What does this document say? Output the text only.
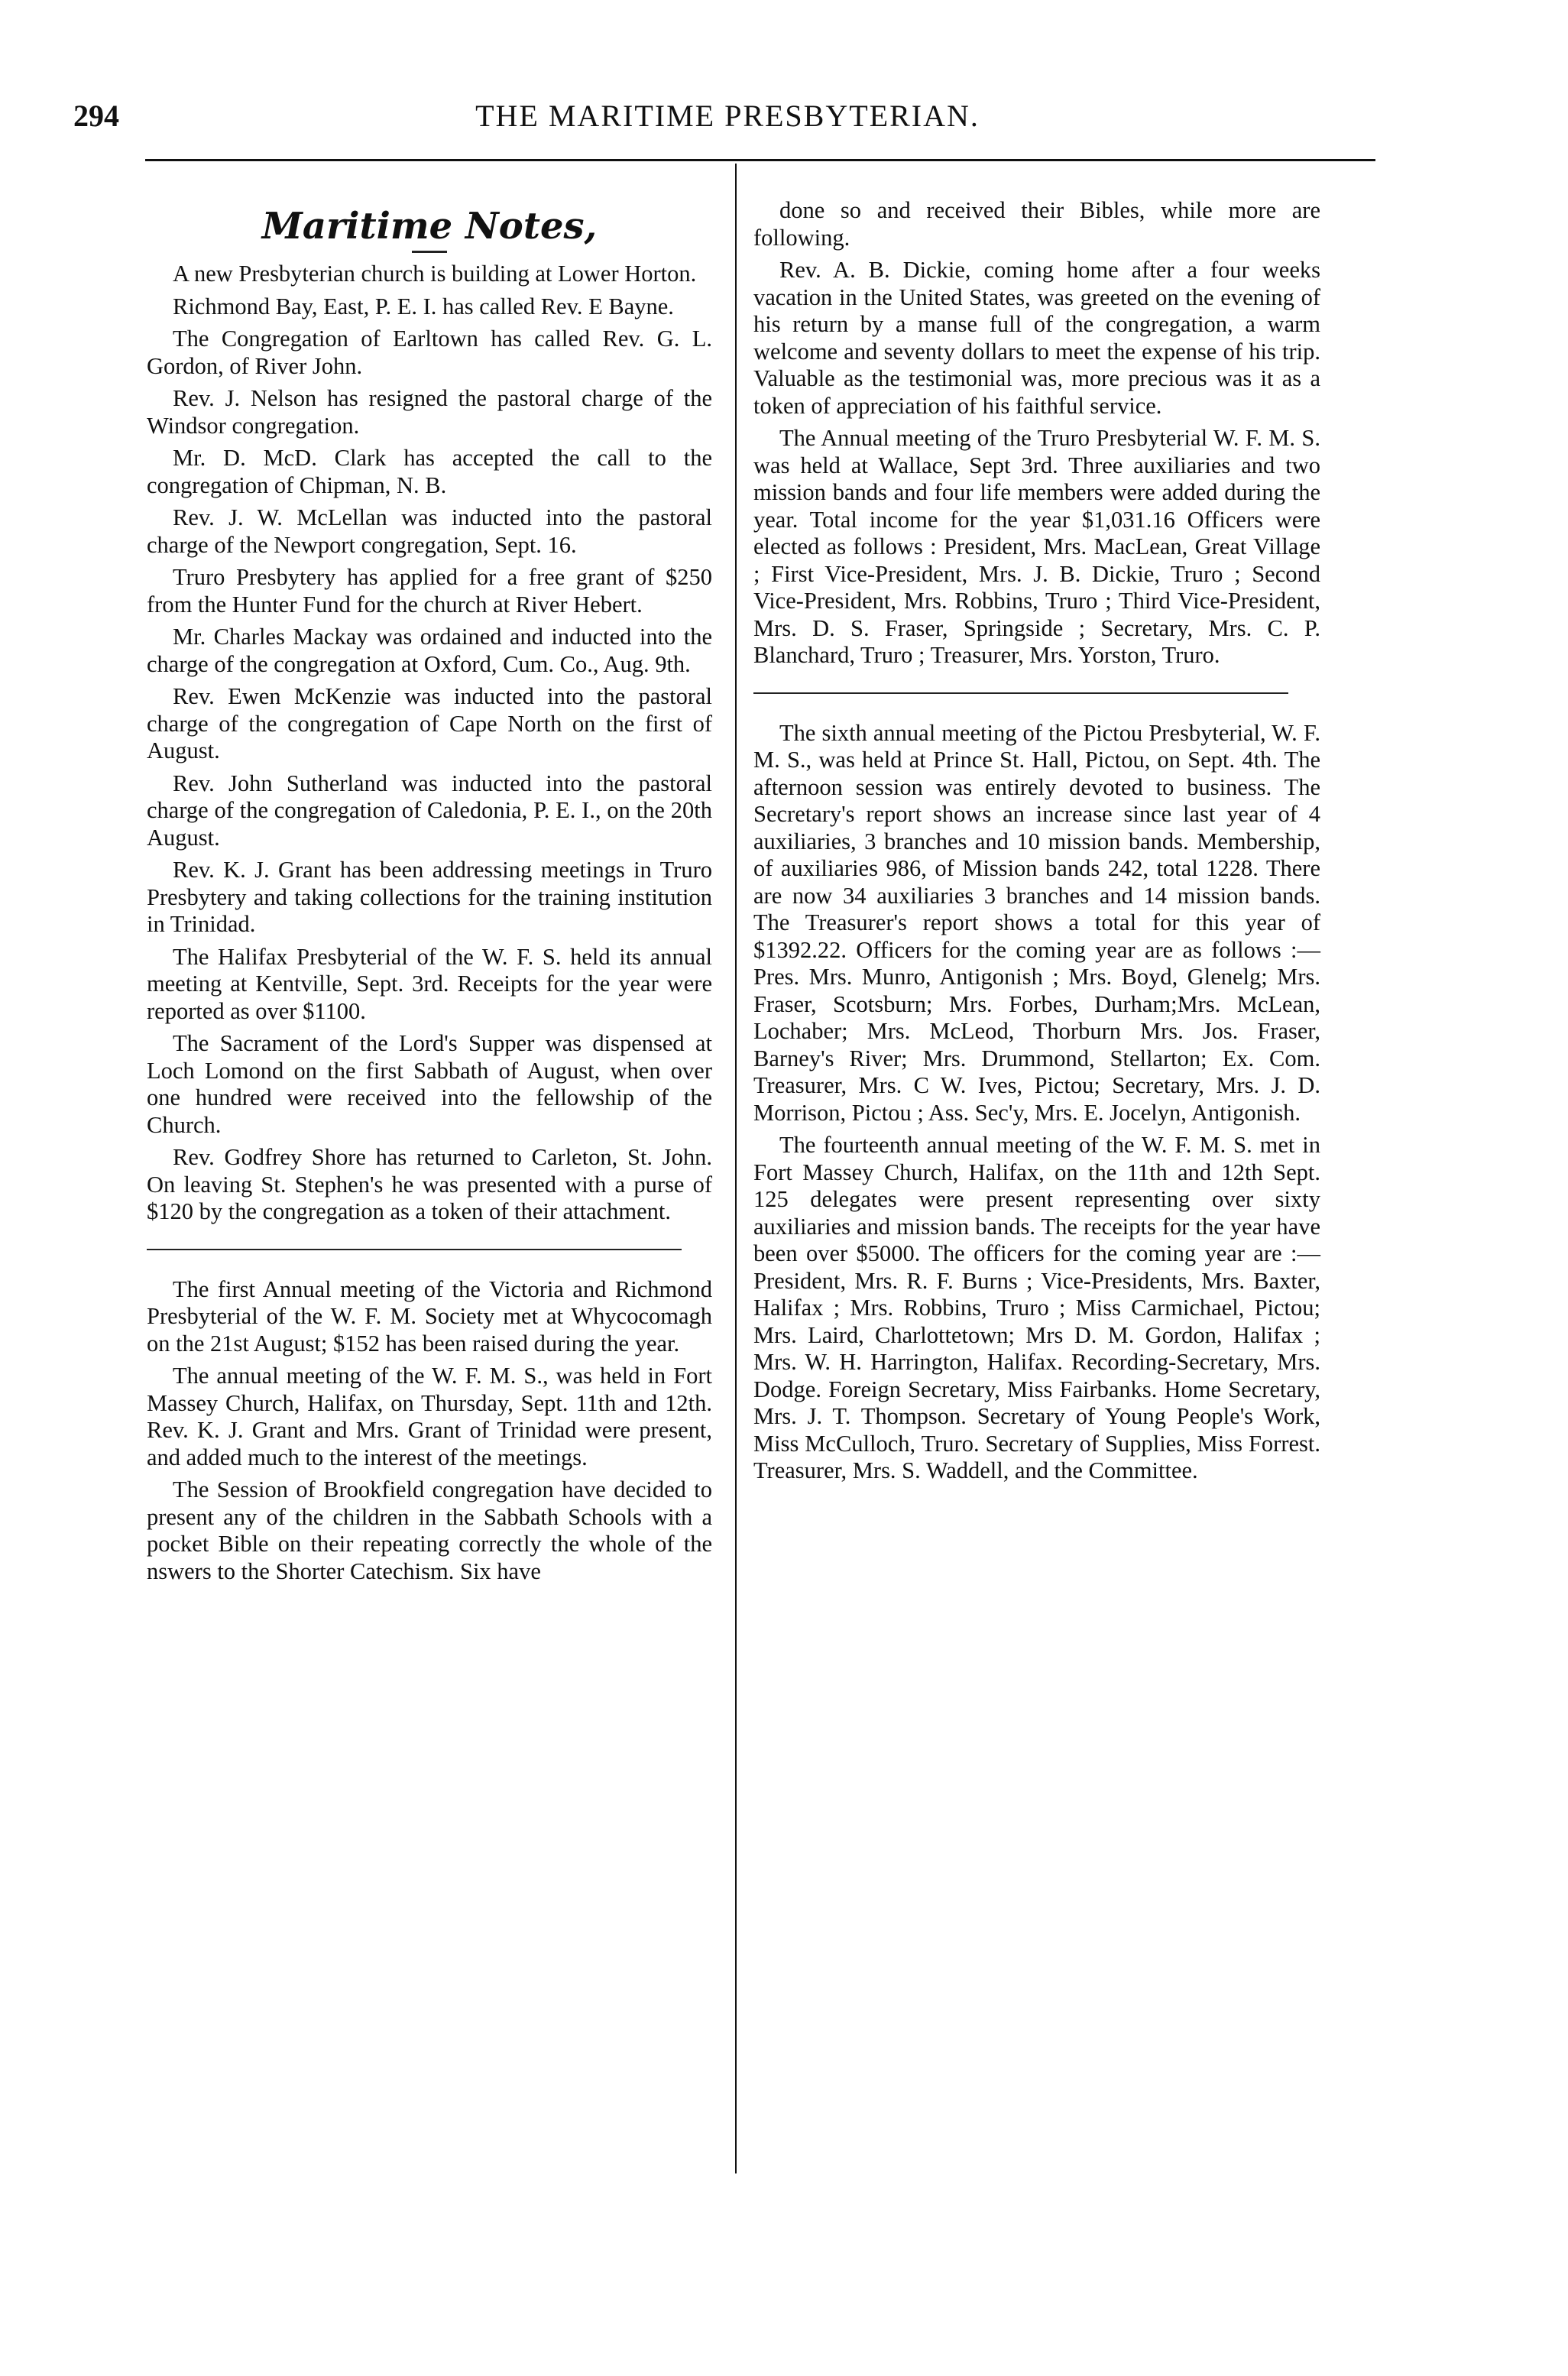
294	THE MARITIME PRESBYTERIAN.
Maritime Notes,

A new Presbyterian church is building at Lower Horton.

Richmond Bay, East, P. E. I. has called Rev. E Bayne.

The Congregation of Earltown has called Rev. G. L. Gordon, of River John.

Rev. J. Nelson has resigned the pastoral charge of the Windsor congregation.

Mr. D. McD. Clark has accepted the call to the congregation of Chipman, N. B.

Rev. J. W. McLellan was inducted into the pastoral charge of the Newport congregation, Sept. 16.

Truro Presbytery has applied for a free grant of $250 from the Hunter Fund for the church at River Hebert.

Mr. Charles Mackay was ordained and inducted into the charge of the congregation at Oxford, Cum. Co., Aug. 9th.

Rev. Ewen McKenzie was inducted into the pastoral charge of the congregation of Cape North on the first of August.

Rev. John Sutherland was inducted into the pastoral charge of the congregation of Caledonia, P. E. I., on the 20th August.

Rev. K. J. Grant has been addressing meetings in Truro Presbytery and taking collections for the training institution in Trinidad.

The Halifax Presbyterial of the W. F. S. held its annual meeting at Kentville, Sept. 3rd. Receipts for the year were reported as over $1100.

The Sacrament of the Lord's Supper was dispensed at Loch Lomond on the first Sabbath of August, when over one hundred were received into the fellowship of the Church.

Rev. Godfrey Shore has returned to Carleton, St. John. On leaving St. Stephen's he was presented with a purse of $120 by the congregation as a token of their attachment.

The first Annual meeting of the Victoria and Richmond Presbyterial of the W. F. M. Society met at Whycocomagh on the 21st August; $152 has been raised during the year.

The annual meeting of the W. F. M. S., was held in Fort Massey Church, Halifax, on Thursday, Sept. 11th and 12th. Rev. K. J. Grant and Mrs. Grant of Trinidad were present, and added much to the interest of the meetings.

The Session of Brookfield congregation have decided to present any of the children in the Sabbath Schools with a pocket Bible on their repeating correctly the whole of the nswers to the Shorter Catechism. Six have

done so and received their Bibles, while more are following.

Rev. A. B. Dickie, coming home after a four weeks vacation in the United States, was greeted on the evening of his return by a manse full of the congregation, a warm welcome and seventy dollars to meet the expense of his trip. Valuable as the testimonial was, more precious was it as a token of appreciation of his faithful service.

The Annual meeting of the Truro Presbyterial W. F. M. S. was held at Wallace, Sept 3rd. Three auxiliaries and two mission bands and four life members were added during the year. Total income for the year $1,031.16 Officers were elected as follows : President, Mrs. MacLean, Great Village ; First Vice-President, Mrs. J. B. Dickie, Truro ; Second Vice-President, Mrs. Robbins, Truro ; Third Vice-President, Mrs. D. S. Fraser, Springside ; Secretary, Mrs. C. P. Blanchard, Truro ; Treasurer, Mrs. Yorston, Truro.

The sixth annual meeting of the Pictou Presbyterial, W. F. M. S., was held at Prince St. Hall, Pictou, on Sept. 4th. The afternoon session was entirely devoted to business. The Secretary's report shows an increase since last year of 4 auxiliaries, 3 branches and 10 mission bands. Membership, of auxiliaries 986, of Mission bands 242, total 1228. There are now 34 auxiliaries 3 branches and 14 mission bands. The Treasurer's report shows a total for this year of $1392.22. Officers for the coming year are as follows :—Pres. Mrs. Munro, Antigonish ; Mrs. Boyd, Glenelg; Mrs. Fraser, Scotsburn; Mrs. Forbes, Durham;Mrs. McLean, Lochaber; Mrs. McLeod, Thorburn Mrs. Jos. Fraser, Barney's River; Mrs. Drummond, Stellarton; Ex. Com. Treasurer, Mrs. C W. Ives, Pictou; Secretary, Mrs. J. D. Morrison, Pictou ; Ass. Sec'y, Mrs. E. Jocelyn, Antigonish.

The fourteenth annual meeting of the W. F. M. S. met in Fort Massey Church, Halifax, on the 11th and 12th Sept. 125 delegates were present representing over sixty auxiliaries and mission bands. The receipts for the year have been over $5000. The officers for the coming year are :—President, Mrs. R. F. Burns ; Vice-Presidents, Mrs. Baxter, Halifax ; Mrs. Robbins, Truro ; Miss Carmichael, Pictou; Mrs. Laird, Charlottetown; Mrs D. M. Gordon, Halifax ; Mrs. W. H. Harrington, Halifax. Recording-Secretary, Mrs. Dodge. Foreign Secretary, Miss Fairbanks. Home Secretary, Mrs. J. T. Thompson. Secretary of Young People's Work, Miss McCulloch, Truro. Secretary of Supplies, Miss Forrest. Treasurer, Mrs. S. Waddell, and the Committee.
